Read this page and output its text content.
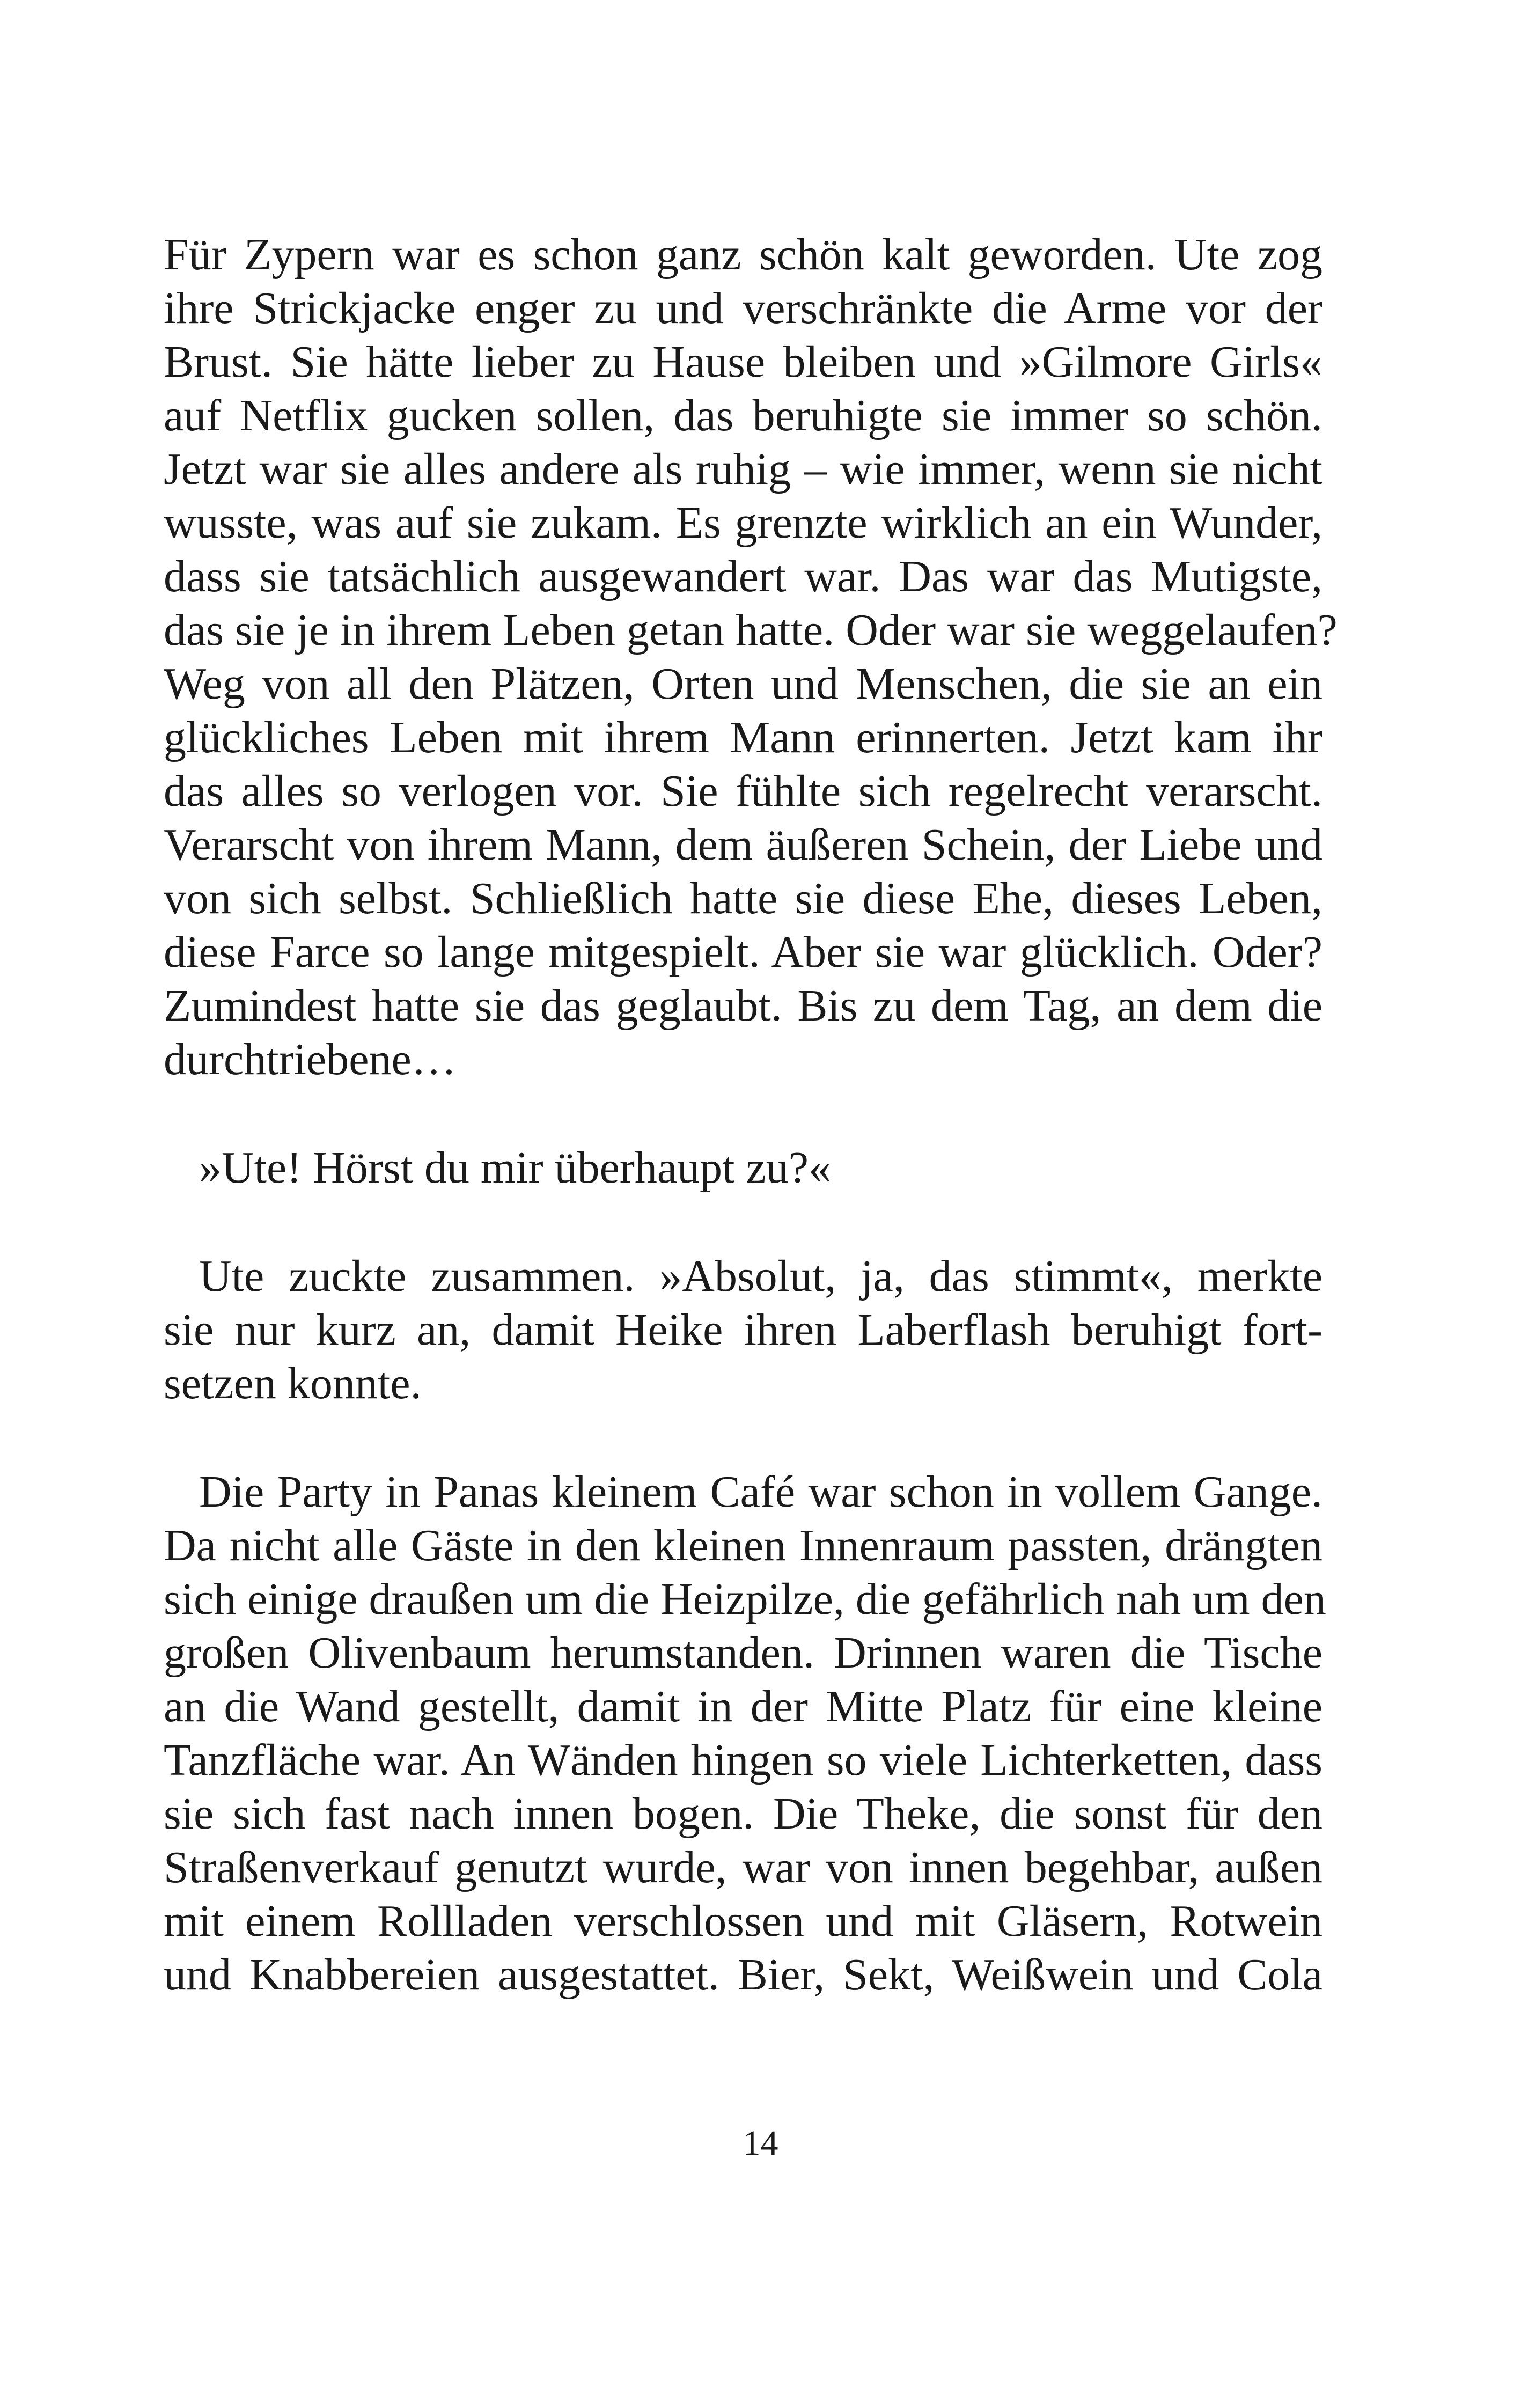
Für Zypern war es schon ganz schön kalt geworden. Ute zog
ihre Strickjacke enger zu und verschränkte die Arme vor der
Brust. Sie hätte lieber zu Hause bleiben und »Gilmore Girls«
auf Netflix gucken sollen, das beruhigte sie immer so schön.
Jetzt war sie alles andere als ruhig – wie immer, wenn sie nicht
wusste, was auf sie zukam. Es grenzte wirklich an ein Wunder,
dass sie tatsächlich ausgewandert war. Das war das Mutigste,
das sie je in ihrem Leben getan hatte. Oder war sie weggelaufen?
Weg von all den Plätzen, Orten und Menschen, die sie an ein
glückliches Leben mit ihrem Mann erinnerten. Jetzt kam ihr
das alles so verlogen vor. Sie fühlte sich regelrecht verarscht.
Verarscht von ihrem Mann, dem äußeren Schein, der Liebe und
von sich selbst. Schließlich hatte sie diese Ehe, dieses Leben,
diese Farce so lange mitgespielt. Aber sie war glücklich. Oder?
Zumindest hatte sie das geglaubt. Bis zu dem Tag, an dem die
durchtriebene…
»Ute! Hörst du mir überhaupt zu?«
Ute zuckte zusammen. »Absolut, ja, das stimmt«, merkte
sie nur kurz an, damit Heike ihren Laberflash beruhigt fort-
setzen konnte.
Die Party in Panas kleinem Café war schon in vollem Gange.
Da nicht alle Gäste in den kleinen Innenraum passten, drängten
sich einige draußen um die Heizpilze, die gefährlich nah um den
großen Olivenbaum herumstanden. Drinnen waren die Tische
an die Wand gestellt, damit in der Mitte Platz für eine kleine
Tanzfläche war. An Wänden hingen so viele Lichterketten, dass
sie sich fast nach innen bogen. Die Theke, die sonst für den
Straßenverkauf genutzt wurde, war von innen begehbar, außen
mit einem Rollladen verschlossen und mit Gläsern, Rotwein
und Knabbereien ausgestattet. Bier, Sekt, Weißwein und Cola
14
